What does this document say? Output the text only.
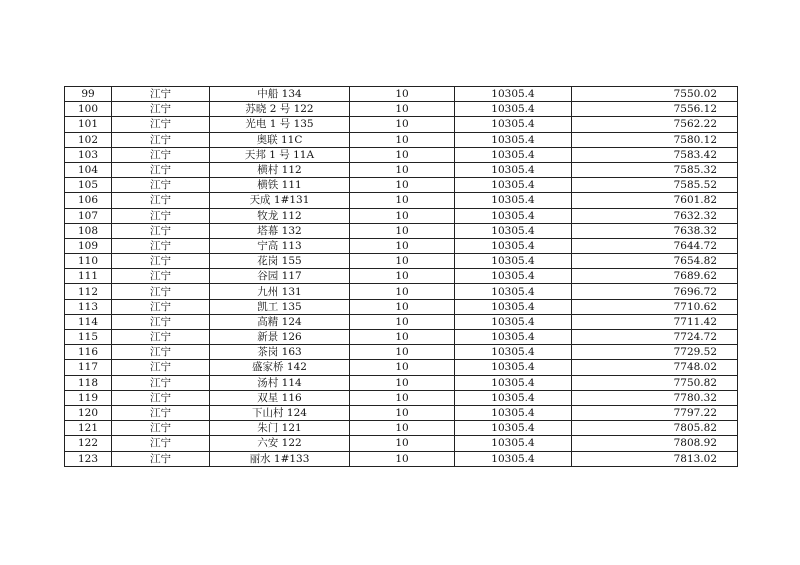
99	江宁	中船 134	10	10305.4	7550.02
100	江宁	苏晓 2 号 122	10	10305.4	7556.12
101	江宁	光电 1 号 135	10	10305.4	7562.22
102	江宁	奥联 11C	10	10305.4	7580.12
103	江宁	天邦 1 号 11A	10	10305.4	7583.42
104	江宁	横村 112	10	10305.4	7585.32
105	江宁	横铁 111	10	10305.4	7585.52
106	江宁	天成 1#131	10	10305.4	7601.82
107	江宁	牧龙 112	10	10305.4	7632.32
108	江宁	塔幕 132	10	10305.4	7638.32
109	江宁	宁高 113	10	10305.4	7644.72
110	江宁	花岗 155	10	10305.4	7654.82
111	江宁	谷园 117	10	10305.4	7689.62
112	江宁	九州 131	10	10305.4	7696.72
113	江宁	凯工 135	10	10305.4	7710.62
114	江宁	高精 124	10	10305.4	7711.42
115	江宁	新景 126	10	10305.4	7724.72
116	江宁	茶岗 163	10	10305.4	7729.52
117	江宁	盛家桥 142	10	10305.4	7748.02
118	江宁	汤村 114	10	10305.4	7750.82
119	江宁	双星 116	10	10305.4	7780.32
120	江宁	下山村 124	10	10305.4	7797.22
121	江宁	朱门 121	10	10305.4	7805.82
122	江宁	六安 122	10	10305.4	7808.92
123	江宁	丽水 1#133	10	10305.4	7813.02
